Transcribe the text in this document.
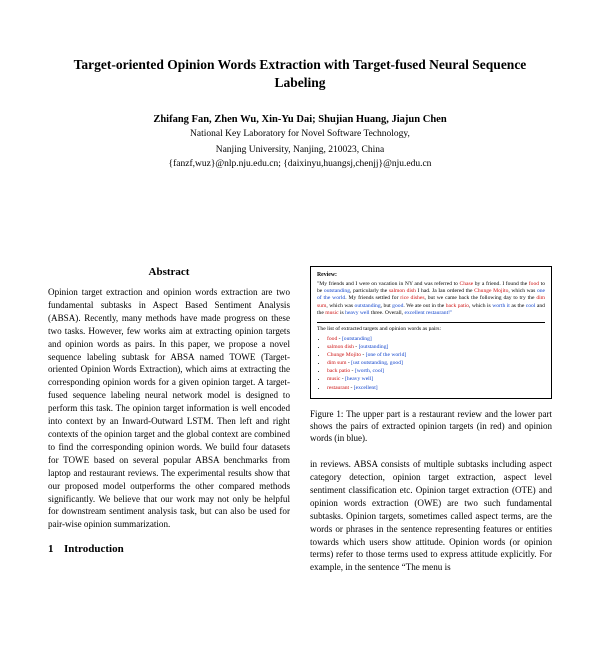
Target-oriented Opinion Words Extraction with Target-fused Neural Sequence Labeling
Zhifang Fan, Zhen Wu, Xin-Yu Dai; Shujian Huang, Jiajun Chen
National Key Laboratory for Novel Software Technology,
Nanjing University, Nanjing, 210023, China
{fanzf,wuz}@nlp.nju.edu.cn; {daixinyu,huangsj,chenjj}@nju.edu.cn
Abstract

Opinion target extraction and opinion words extraction are two fundamental subtasks in Aspect Based Sentiment Analysis (ABSA). Recently, many methods have made progress on these two tasks. However, few works aim at extracting opinion targets and opinion words as pairs. In this paper, we propose a novel sequence labeling subtask for ABSA named TOWE (Target-oriented Opinion Words Extraction), which aims at extracting the corresponding opinion words for a given opinion target. A target-fused sequence labeling neural network model is designed to perform this task. The opinion target information is well encoded into context by an Inward-Outward LSTM. Then left and right contexts of the opinion target and the global context are combined to find the corresponding opinion words. We build four datasets for TOWE based on several popular ABSA benchmarks from laptop and restaurant reviews. The experimental results show that our proposed model outperforms the other compared methods significantly. We believe that our work may not only be helpful for downstream sentiment analysis task, but can also be used for pair-wise opinion summarization.

1 Introduction
Review:
"My friends and I were on vacation in NY and was referred to Chase by a friend. I found the food to be outstanding, particularly the salmon dish I had. Ja Ian ordered the Chunge Mojito, which was one of the world. My friends settled for rice dishes, but we came back the following day to try the dim sum, which was outstanding, but good. We ate out in the back patio, which is worth it as the cool and the music is heavy well three. Overall, excellent restaurant!"
The list of extracted targets and opinion words as pairs:
• food - [outstanding]
• salmon dish - [outstanding]
• Chunge Mojito - [one of the world]
• dim sum - [ust outstanding, good]
• back patio - [worth, cool]
• music - [heavy well]
• restaurant - [excellent]
Figure 1: The upper part is a restaurant review and the lower part shows the pairs of extracted opinion targets (in red) and opinion words (in blue).

in reviews. ABSA consists of multiple subtasks including aspect category detection, opinion target extraction, aspect level sentiment classification etc. Opinion target extraction (OTE) and opinion words extraction (OWE) are two such fundamental subtasks. Opinion targets, sometimes called aspect terms, are the words or phrases in the sentence representing features or entities towards which users show attitude. Opinion words (or opinion terms) refer to those terms used to express attitude explicitly. For example, in the sentence “The menu is
